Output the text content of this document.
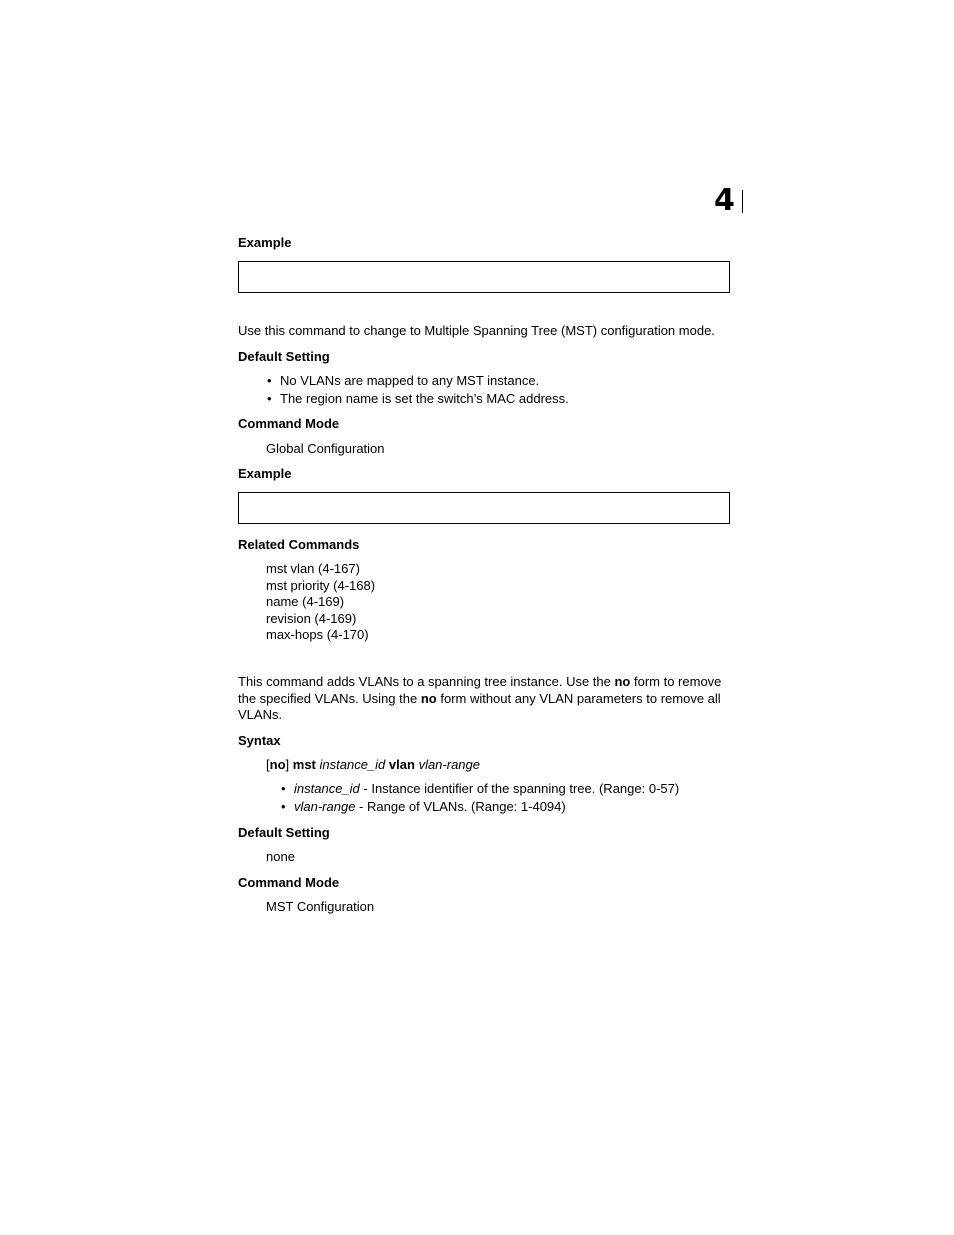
4
Example
Use this command to change to Multiple Spanning Tree (MST) configuration mode.
Default Setting
• No VLANs are mapped to any MST instance.
• The region name is set the switch’s MAC address.
Command Mode
Global Configuration
Example
Related Commands
mst vlan (4-167)
mst priority (4-168)
name (4-169)
revision (4-169)
max-hops (4-170)
This command adds VLANs to a spanning tree instance. Use the no form to remove the specified VLANs. Using the no form without any VLAN parameters to remove all VLANs.
Syntax
[no] mst instance_id vlan vlan-range
• instance_id - Instance identifier of the spanning tree. (Range: 0-57)
• vlan-range - Range of VLANs. (Range: 1-4094)
Default Setting
none
Command Mode
MST Configuration
